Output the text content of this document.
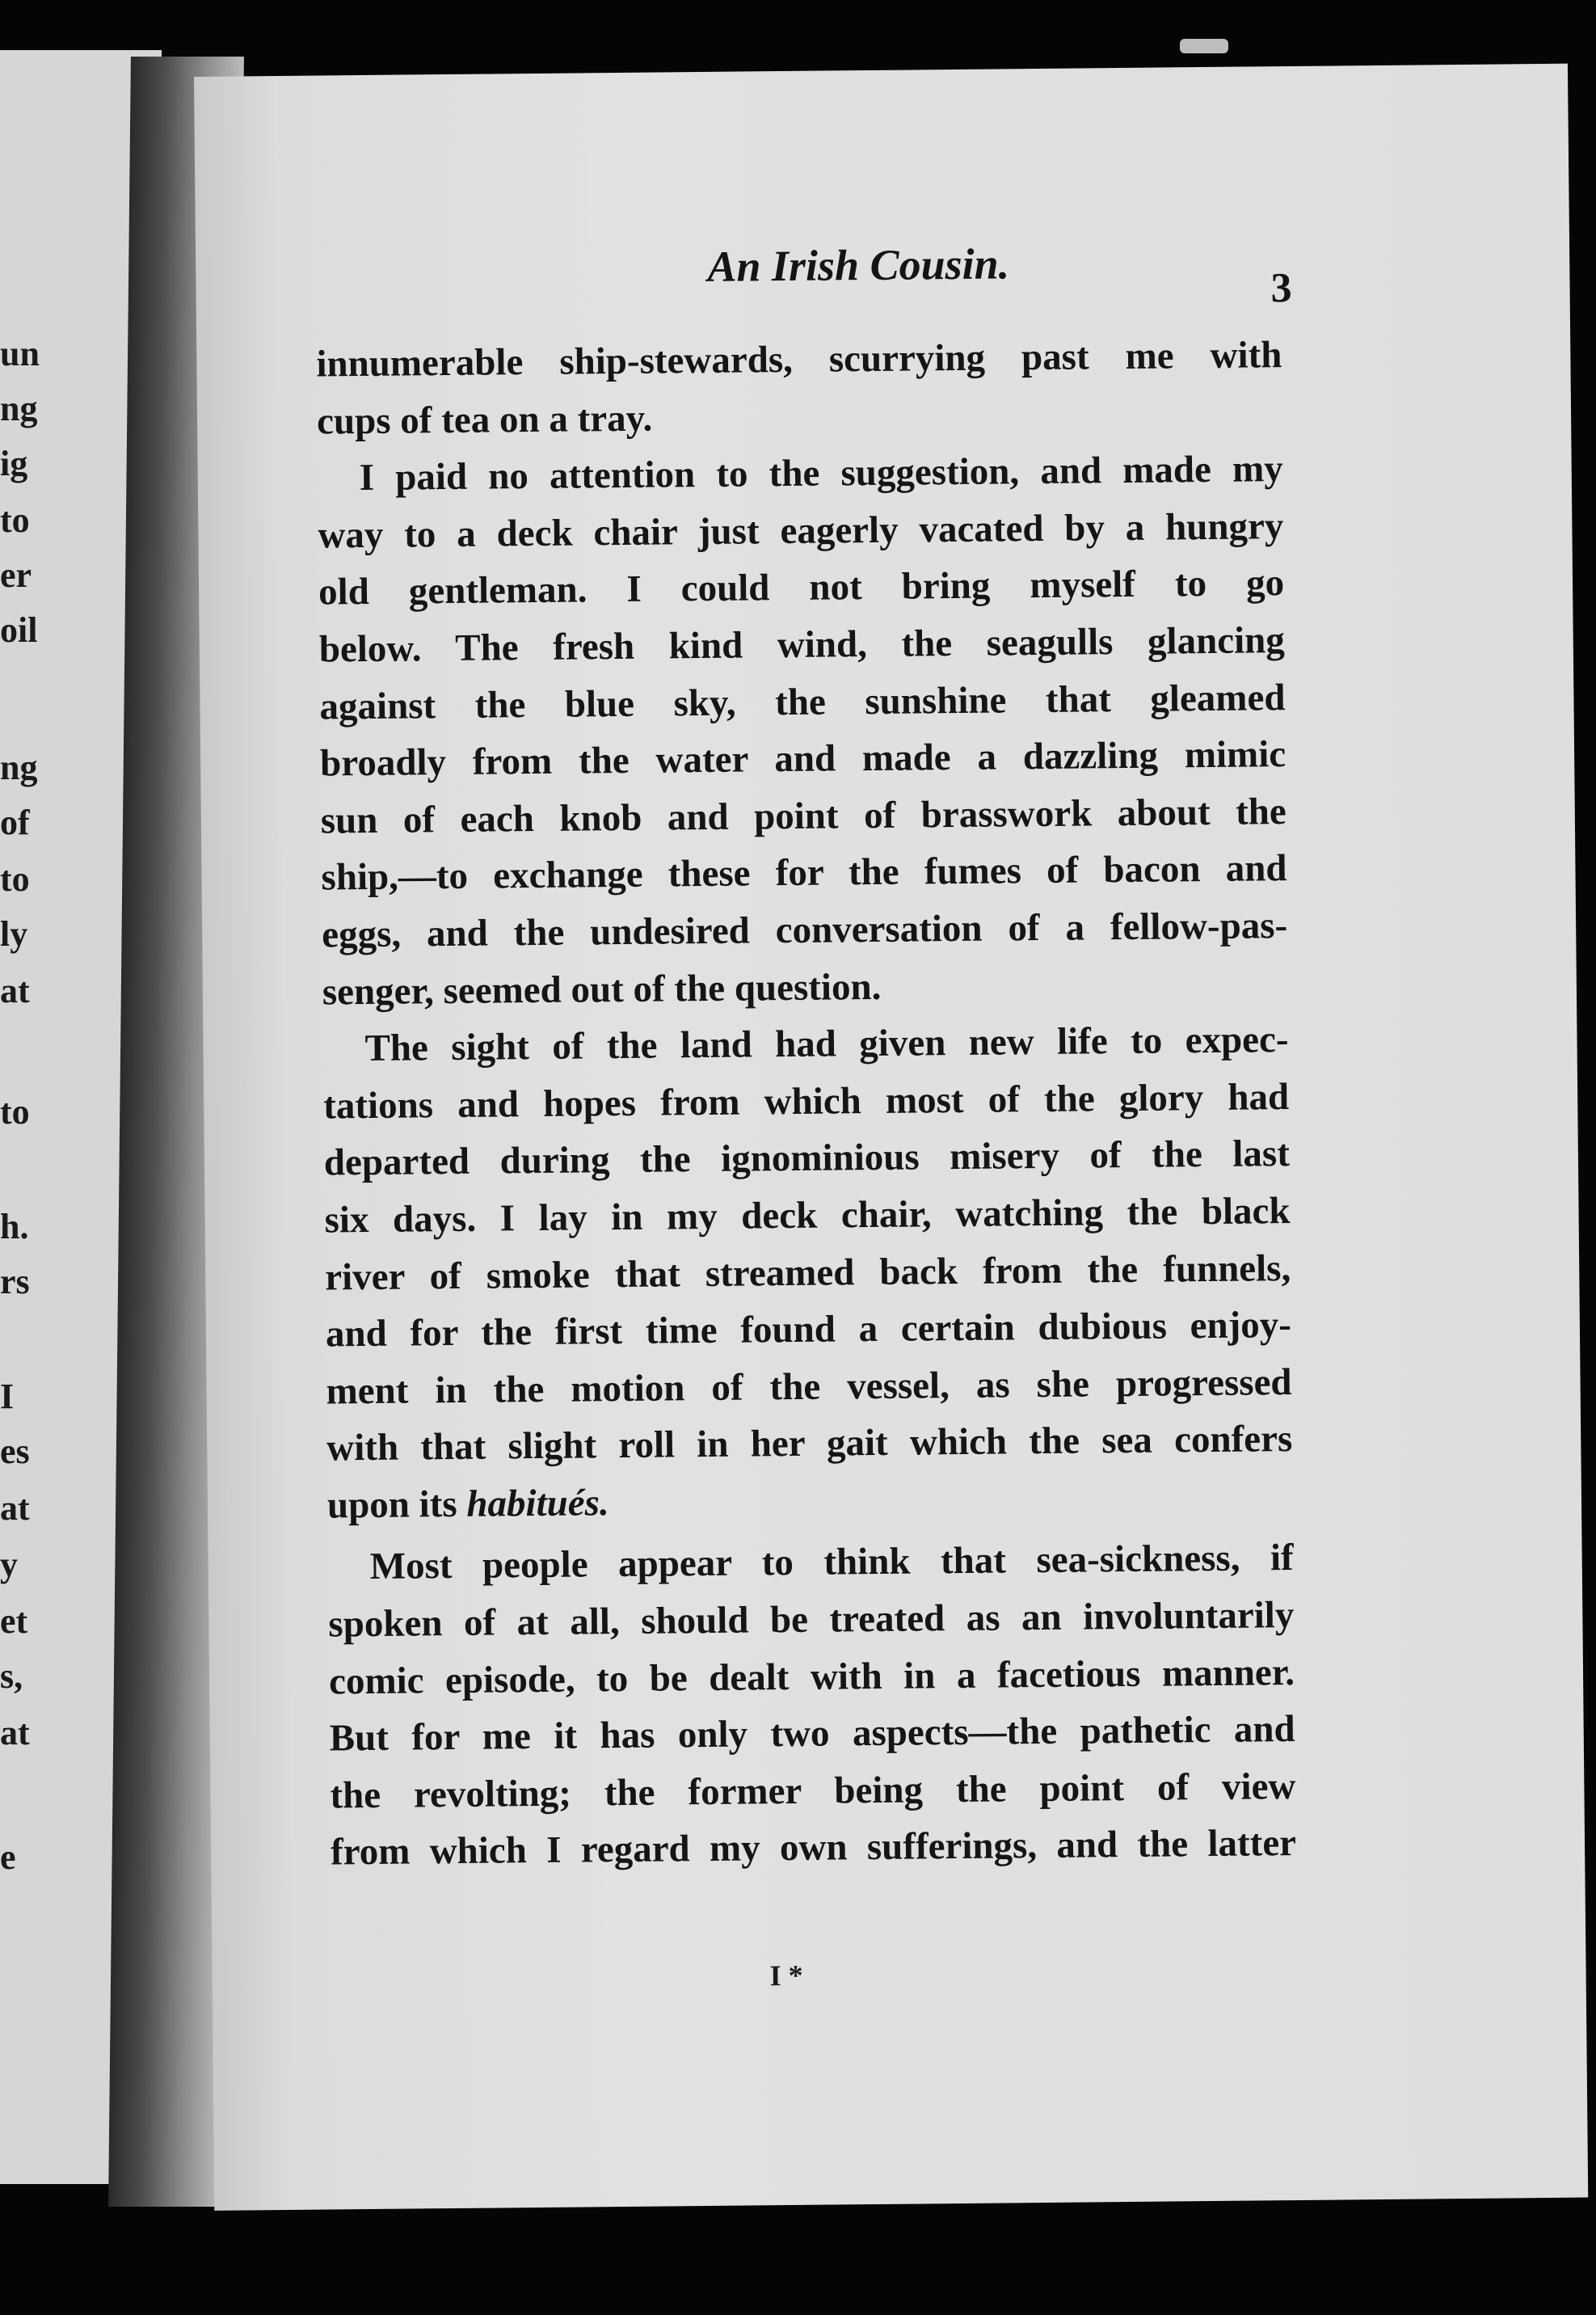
un
ng
ig
to
er
oil
ng
of
to
ly
at
to
h.
rs
I
es
at
y
et
s,
at
e
An Irish Cousin.	3
innumerable ship-stewards, scurrying past me with
cups of tea on a tray.
I paid no attention to the suggestion, and made my
way to a deck chair just eagerly vacated by a hungry
old gentleman. I could not bring myself to go
below. The fresh kind wind, the seagulls glancing
against the blue sky, the sunshine that gleamed
broadly from the water and made a dazzling mimic
sun of each knob and point of brasswork about the
ship,—to exchange these for the fumes of bacon and
eggs, and the undesired conversation of a fellow-pas-
senger, seemed out of the question.
The sight of the land had given new life to expec-
tations and hopes from which most of the glory had
departed during the ignominious misery of the last
six days. I lay in my deck chair, watching the black
river of smoke that streamed back from the funnels,
and for the first time found a certain dubious enjoy-
ment in the motion of the vessel, as she progressed
with that slight roll in her gait which the sea confers
upon its habitués.
Most people appear to think that sea-sickness, if
spoken of at all, should be treated as an involuntarily
comic episode, to be dealt with in a facetious manner.
But for me it has only two aspects—the pathetic and
the revolting; the former being the point of view
from which I regard my own sufferings, and the latter
I *
